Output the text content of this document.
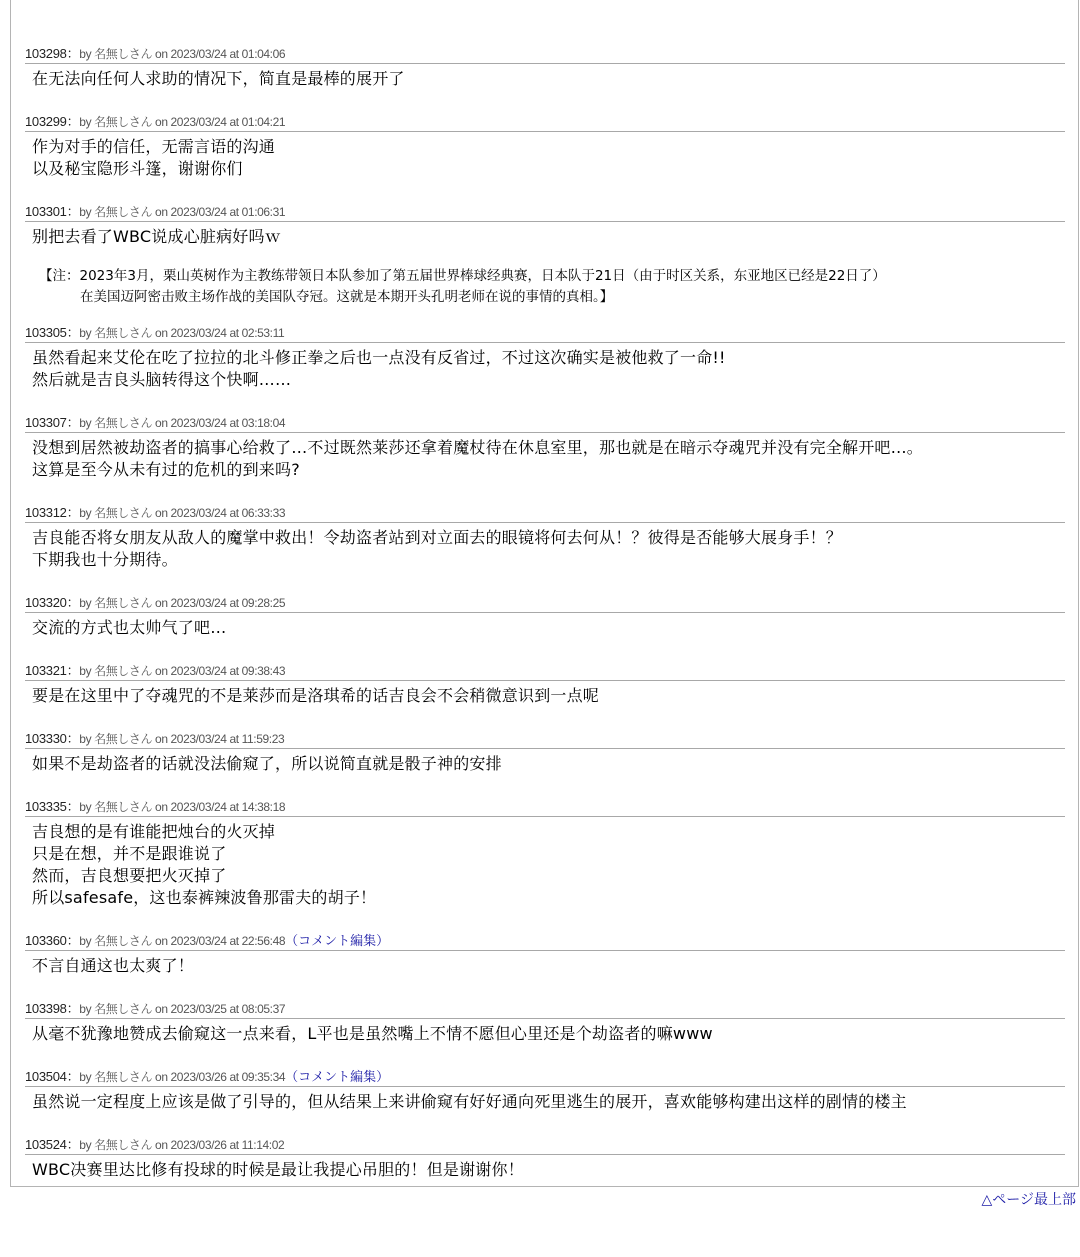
103298：by 名無しさん on 2023/03/24 at 01:04:06
在无法向任何人求助的情况下，简直是最棒的展开了
103299：by 名無しさん on 2023/03/24 at 01:04:21
作为对手的信任，无需言语的沟通
以及秘宝隐形斗篷，谢谢你们
103301：by 名無しさん on 2023/03/24 at 01:06:31
别把去看了WBC说成心脏病好吗ｗ
【注：2023年3月，栗山英树作为主教练带领日本队参加了第五届世界棒球经典赛，日本队于21日（由于时区关系，东亚地区已经是22日了）
在美国迈阿密击败主场作战的美国队夺冠。这就是本期开头孔明老师在说的事情的真相。】
103305：by 名無しさん on 2023/03/24 at 02:53:11
虽然看起来艾伦在吃了拉拉的北斗修正拳之后也一点没有反省过，不过这次确实是被他救了一命!!
然后就是吉良头脑转得这个快啊……
103307：by 名無しさん on 2023/03/24 at 03:18:04
没想到居然被劫盗者的搞事心给救了…不过既然莱莎还拿着魔杖待在休息室里，那也就是在暗示夺魂咒并没有完全解开吧…。
这算是至今从未有过的危机的到来吗?
103312：by 名無しさん on 2023/03/24 at 06:33:33
吉良能否将女朋友从敌人的魔掌中救出！令劫盗者站到对立面去的眼镜将何去何从！？彼得是否能够大展身手！？
下期我也十分期待。
103320：by 名無しさん on 2023/03/24 at 09:28:25
交流的方式也太帅气了吧…
103321：by 名無しさん on 2023/03/24 at 09:38:43
要是在这里中了夺魂咒的不是莱莎而是洛琪希的话吉良会不会稍微意识到一点呢
103330：by 名無しさん on 2023/03/24 at 11:59:23
如果不是劫盗者的话就没法偷窥了，所以说简直就是骰子神的安排
103335：by 名無しさん on 2023/03/24 at 14:38:18
吉良想的是有谁能把烛台的火灭掉
只是在想，并不是跟谁说了
然而，吉良想要把火灭掉了
所以safesafe，这也泰裤辣波鲁那雷夫的胡子！
103360：by 名無しさん on 2023/03/24 at 22:56:48（コメント編集）
不言自通这也太爽了！
103398：by 名無しさん on 2023/03/25 at 08:05:37
从毫不犹豫地赞成去偷窥这一点来看，L平也是虽然嘴上不情不愿但心里还是个劫盗者的嘛www
103504：by 名無しさん on 2023/03/26 at 09:35:34（コメント編集）
虽然说一定程度上应该是做了引导的，但从结果上来讲偷窥有好好通向死里逃生的展开，喜欢能够构建出这样的剧情的楼主
103524：by 名無しさん on 2023/03/26 at 11:14:02
WBC决赛里达比修有投球的时候是最让我提心吊胆的！但是谢谢你！
△ページ最上部
